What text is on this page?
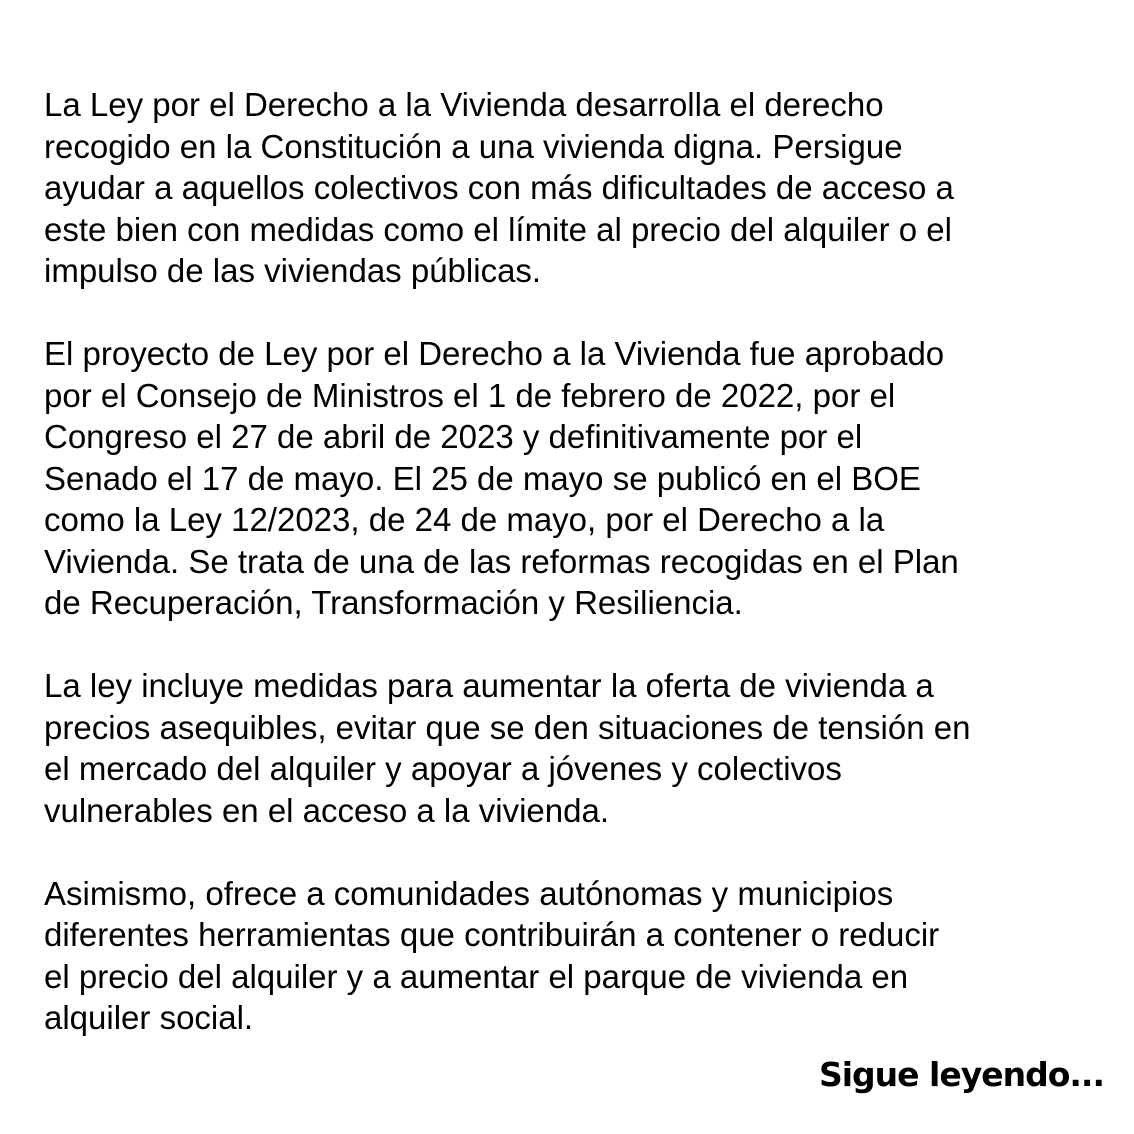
La Ley por el Derecho a la Vivienda desarrolla el derecho
recogido en la Constitución a una vivienda digna. Persigue
ayudar a aquellos colectivos con más dificultades de acceso a
este bien con medidas como el límite al precio del alquiler o el
impulso de las viviendas públicas.

El proyecto de Ley por el Derecho a la Vivienda fue aprobado
por el Consejo de Ministros el 1 de febrero de 2022, por el
Congreso el 27 de abril de 2023 y definitivamente por el
Senado el 17 de mayo. El 25 de mayo se publicó en el BOE
como la Ley 12/2023, de 24 de mayo, por el Derecho a la
Vivienda. Se trata de una de las reformas recogidas en el Plan
de Recuperación, Transformación y Resiliencia.

La ley incluye medidas para aumentar la oferta de vivienda a
precios asequibles, evitar que se den situaciones de tensión en
el mercado del alquiler y apoyar a jóvenes y colectivos
vulnerables en el acceso a la vivienda.

Asimismo, ofrece a comunidades autónomas y municipios
diferentes herramientas que contribuirán a contener o reducir
el precio del alquiler y a aumentar el parque de vivienda en
alquiler social.

Sigue leyendo...
